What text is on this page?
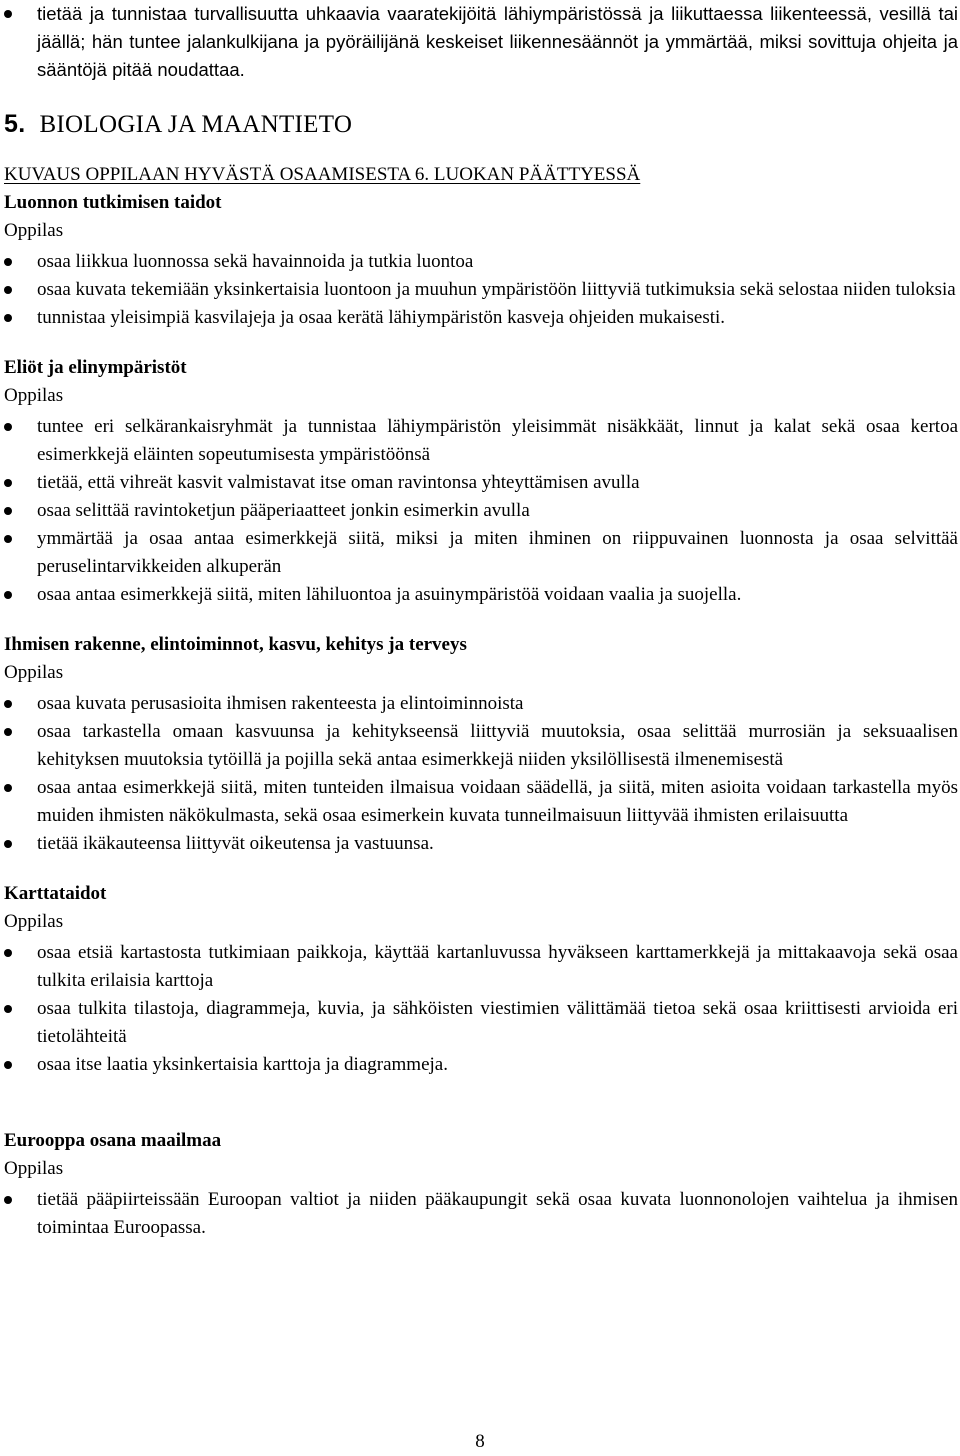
tietää ja tunnistaa turvallisuutta uhkaavia vaaratekijöitä lähiympäristössä ja liikuttaessa liikenteessä, vesillä tai jäällä; hän tuntee jalankulkijana ja pyöräilijänä keskeiset liikennesäännöt ja ymmärtää, miksi sovittuja ohjeita ja sääntöjä pitää noudattaa.
5. BIOLOGIA JA MAANTIETO
KUVAUS OPPILAAN HYVÄSTÄ OSAAMISESTA 6. LUOKAN PÄÄTTYESSÄ
Luonnon tutkimisen taidot
Oppilas
osaa liikkua luonnossa sekä havainnoida ja tutkia luontoa
osaa kuvata tekemiään yksinkertaisia luontoon ja muuhun ympäristöön liittyviä tutkimuksia sekä selostaa niiden tuloksia
tunnistaa yleisimpiä kasvilajeja ja osaa kerätä lähiympäristön kasveja ohjeiden mukaisesti.
Eliöt ja elinympäristöt
Oppilas
tuntee eri selkärankaisryhmät ja tunnistaa lähiympäristön yleisimmät nisäkkäät, linnut ja kalat sekä osaa kertoa esimerkkejä eläinten sopeutumisesta ympäristöönsä
tietää, että vihreät kasvit valmistavat itse oman ravintonsa yhteyttämisen avulla
osaa selittää ravintoketjun pääperiaatteet jonkin esimerkin avulla
ymmärtää ja osaa antaa esimerkkejä siitä, miksi ja miten ihminen on riippuvainen luonnosta ja osaa selvittää peruselintarvikkeiden alkuperän
osaa antaa esimerkkejä siitä, miten lähiluontoa ja asuinympäristöä voidaan vaalia ja suojella.
Ihmisen rakenne, elintoiminnot, kasvu, kehitys ja terveys
Oppilas
osaa kuvata perusasioita ihmisen rakenteesta ja elintoiminnoista
osaa tarkastella omaan kasvuunsa ja kehitykseensä liittyviä muutoksia, osaa selittää murrosiän ja seksuaalisen kehityksen muutoksia tytöillä ja pojilla sekä antaa esimerkkejä niiden yksilöllisestä ilmenemisestä
osaa antaa esimerkkejä siitä, miten tunteiden ilmaisua voidaan säädellä, ja siitä, miten asioita voidaan tarkastella myös muiden ihmisten näkökulmasta, sekä osaa esimerkein kuvata tunneilmaisuun liittyvää ihmisten erilaisuutta
tietää ikäkauteensa liittyvät oikeutensa ja vastuunsa.
Karttataidot
Oppilas
osaa etsiä kartastosta tutkimiaan paikkoja, käyttää kartanluvussa hyväkseen karttamerkkejä ja mittakaavoja sekä osaa tulkita erilaisia karttoja
osaa tulkita tilastoja, diagrammeja, kuvia, ja sähköisten viestimien välittämää tietoa sekä osaa kriittisesti arvioida eri tietolähteitä
osaa itse laatia yksinkertaisia karttoja ja diagrammeja.
Eurooppa osana maailmaa
Oppilas
tietää pääpiirteissään Euroopan valtiot ja niiden pääkaupungit sekä osaa kuvata luonnonolojen vaihtelua ja ihmisen toimintaa Euroopassa.
8
